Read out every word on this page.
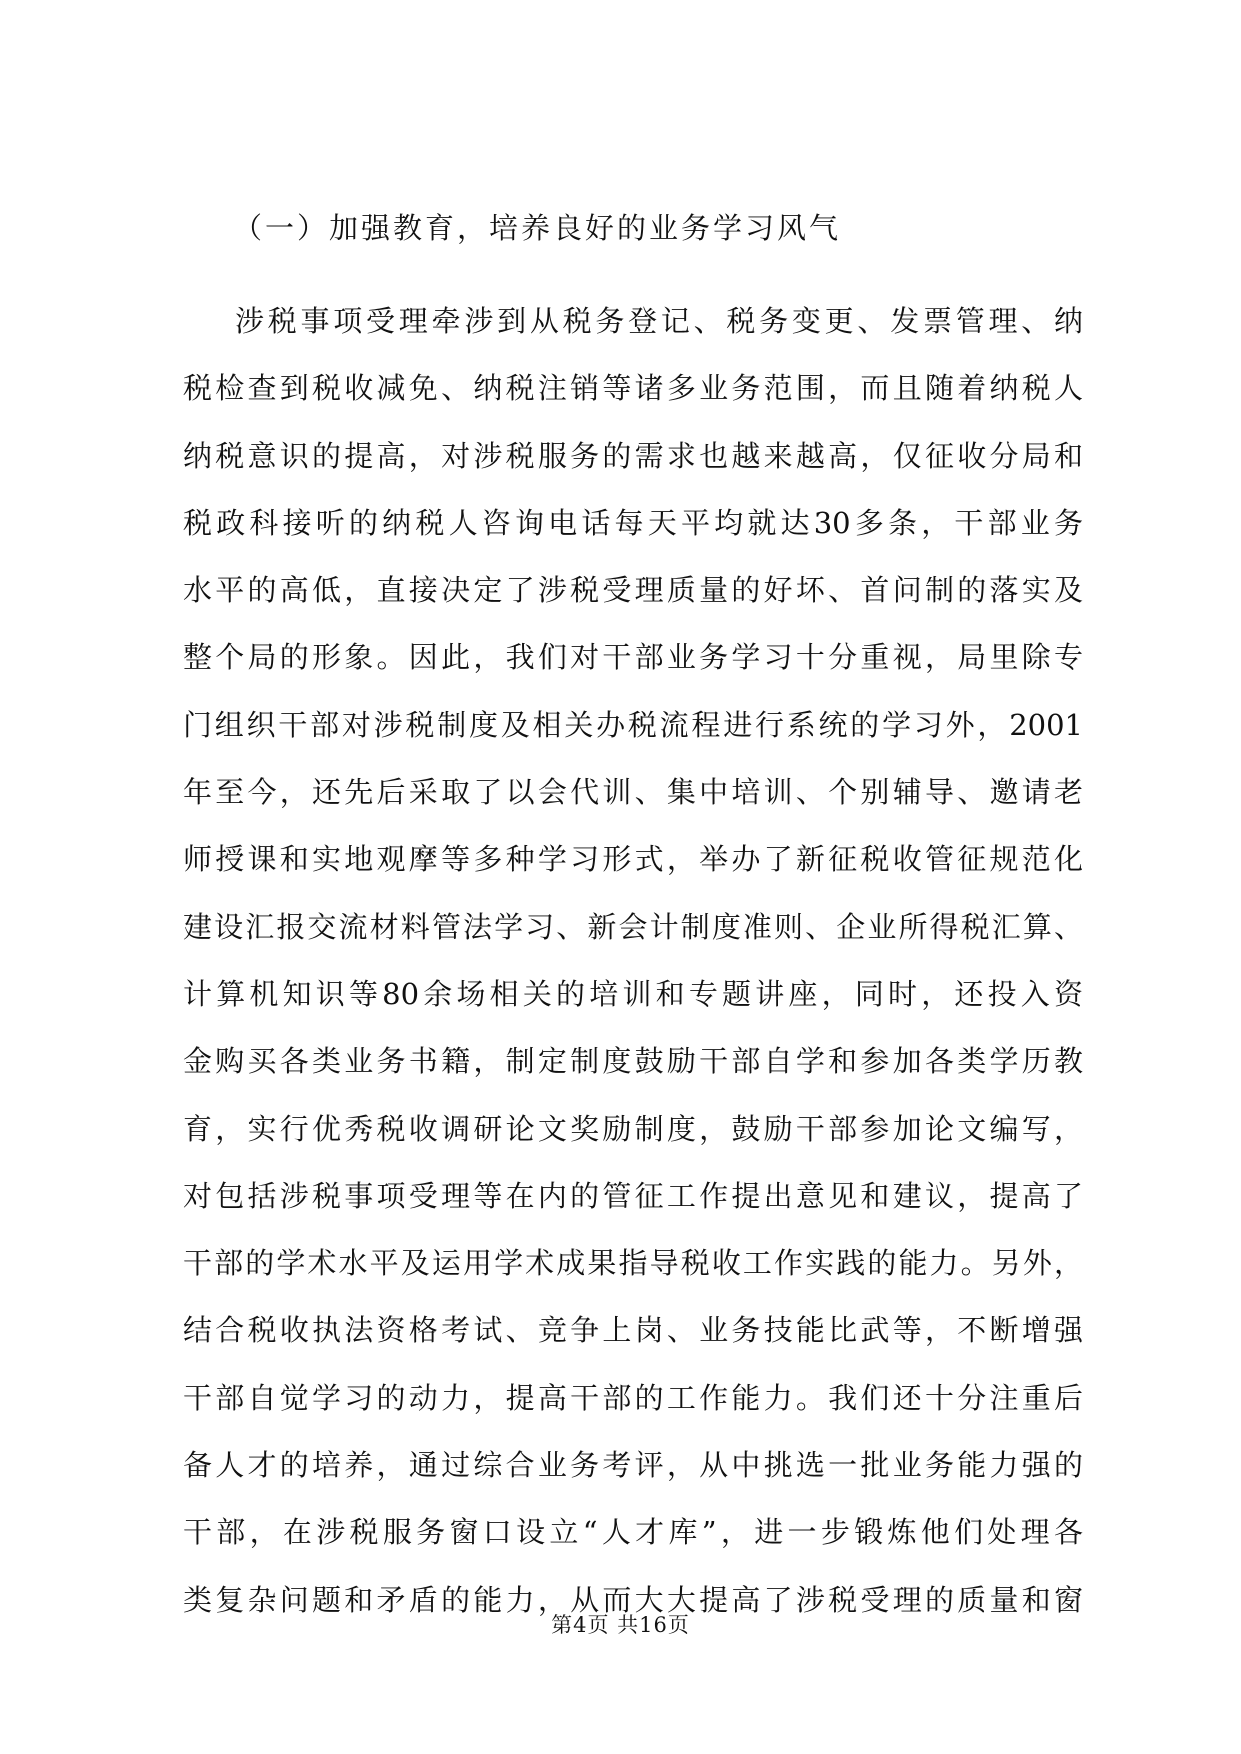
（一）加强教育，培养良好的业务学习风气
涉税事项受理牵涉到从税务登记、税务变更、发票管理、纳
税检查到税收减免、纳税注销等诸多业务范围，而且随着纳税人
纳税意识的提高，对涉税服务的需求也越来越高，仅征收分局和
税政科接听的纳税人咨询电话每天平均就达30多条，干部业务
水平的高低，直接决定了涉税受理质量的好坏、首问制的落实及
整个局的形象。因此，我们对干部业务学习十分重视，局里除专
门组织干部对涉税制度及相关办税流程进行系统的学习外，2001
年至今，还先后采取了以会代训、集中培训、个别辅导、邀请老
师授课和实地观摩等多种学习形式，举办了新征税收管征规范化
建设汇报交流材料管法学习、新会计制度准则、企业所得税汇算、
计算机知识等80余场相关的培训和专题讲座，同时，还投入资
金购买各类业务书籍，制定制度鼓励干部自学和参加各类学历教
育，实行优秀税收调研论文奖励制度，鼓励干部参加论文编写，
对包括涉税事项受理等在内的管征工作提出意见和建议，提高了
干部的学术水平及运用学术成果指导税收工作实践的能力。另外，
结合税收执法资格考试、竞争上岗、业务技能比武等，不断增强
干部自觉学习的动力，提高干部的工作能力。我们还十分注重后
备人才的培养，通过综合业务考评，从中挑选一批业务能力强的
干部，在涉税服务窗口设立“人才库”，进一步锻炼他们处理各
类复杂问题和矛盾的能力，从而大大提高了涉税受理的质量和窗
第4页 共16页
